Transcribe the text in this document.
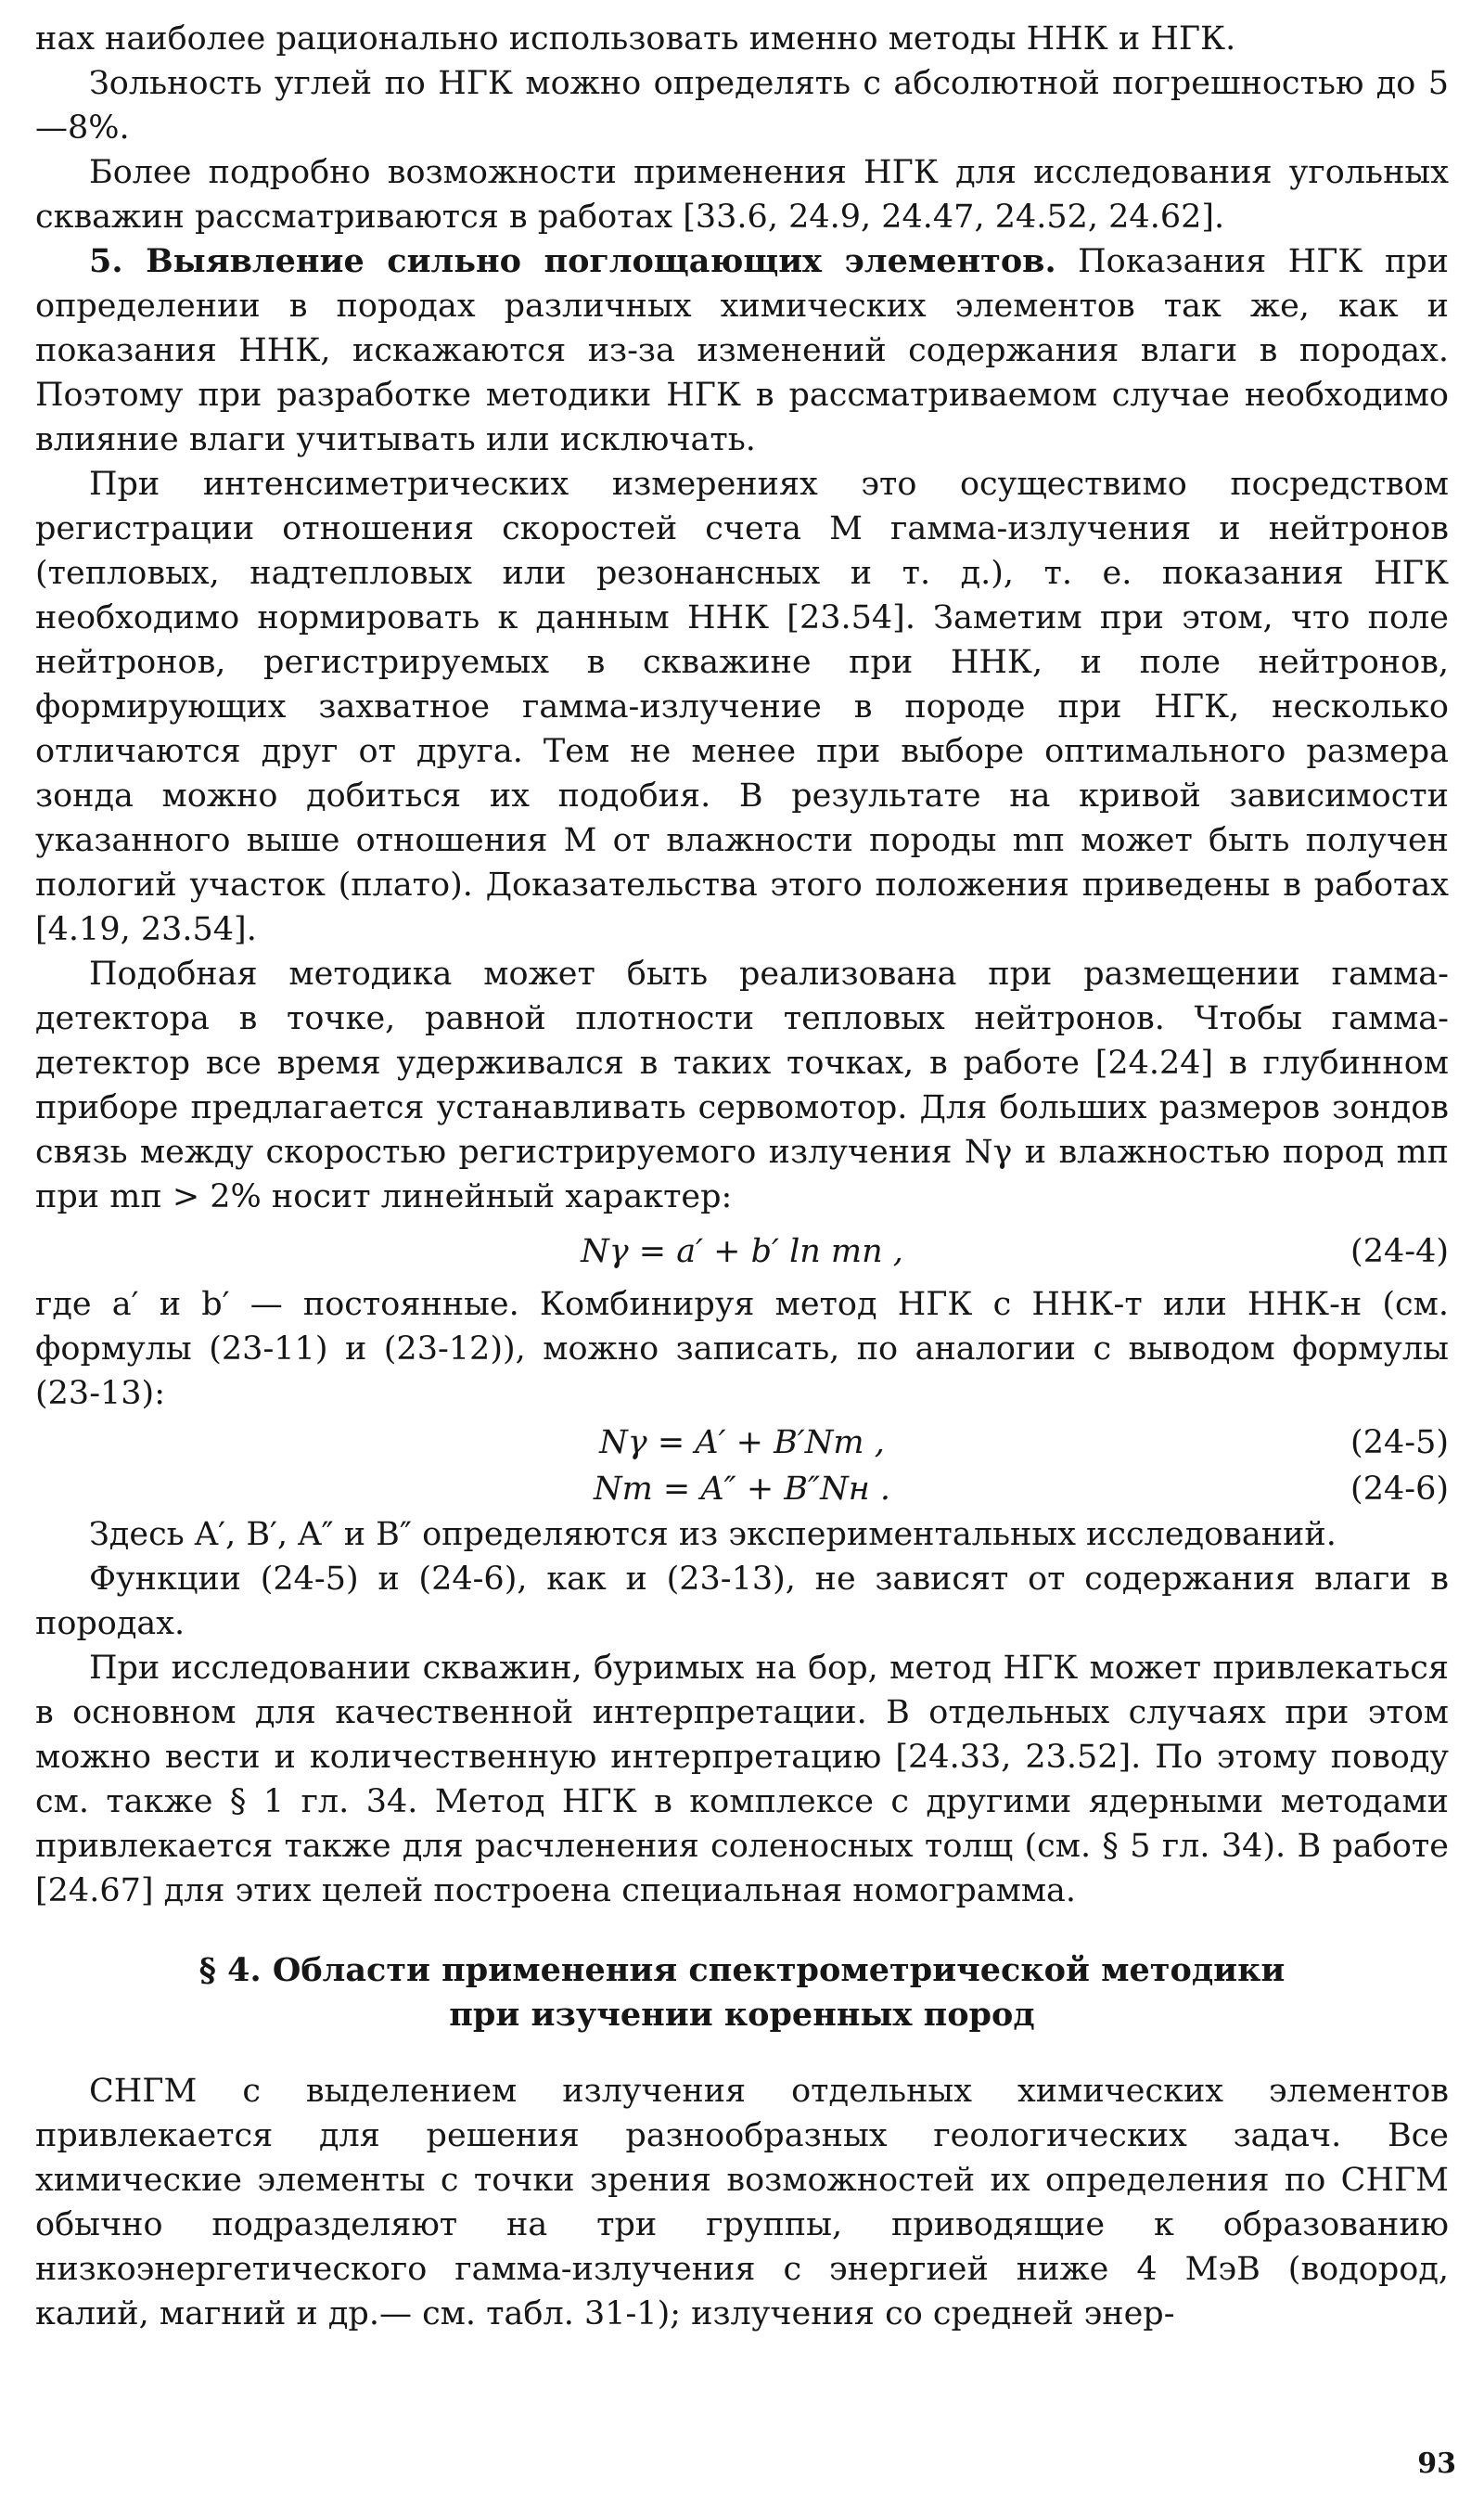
нах наиболее рационально использовать именно методы ННК и НГК.

Зольность углей по НГК можно определять с абсолютной погрешностью до 5—8%.

Более подробно возможности применения НГК для исследования угольных скважин рассматриваются в работах [33.6, 24.9, 24.47, 24.52, 24.62].

5. Выявление сильно поглощающих элементов. Показания НГК при определении в породах различных химических элементов так же, как и показания ННК, искажаются из-за изменений содержания влаги в породах. Поэтому при разработке методики НГК в рассматриваемом случае необходимо влияние влаги учитывать или исключать.

При интенсиметрических измерениях это осуществимо посредством регистрации отношения скоростей счета M гамма-излучения и нейтронов (тепловых, надтепловых или резонансных и т. д.), т. е. показания НГК необходимо нормировать к данным ННК [23.54]. Заметим при этом, что поле нейтронов, регистрируемых в скважине при ННК, и поле нейтронов, формирующих захватное гамма-излучение в породе при НГК, несколько отличаются друг от друга. Тем не менее при выборе оптимального размера зонда можно добиться их подобия. В результате на кривой зависимости указанного выше отношения M от влажности породы mп может быть получен пологий участок (плато). Доказательства этого положения приведены в работах [4.19, 23.54].

Подобная методика может быть реализована при размещении гамма-детектора в точке, равной плотности тепловых нейтронов. Чтобы гамма-детектор все время удерживался в таких точках, в работе [24.24] в глубинном приборе предлагается устанавливать сервомотор. Для больших размеров зондов связь между скоростью регистрируемого излучения Nγ и влажностью пород mп при mп > 2% носит линейный характер:

Nγ = a′ + b′ ln mп ,	(24-4)

где a′ и b′ — постоянные. Комбинируя метод НГК с ННК-т или ННК-н (см. формулы (23-11) и (23-12)), можно записать, по аналогии с выводом формулы (23-13):

Nγ = A′ + B′Nт ,	(24-5)
Nт = A″ + B″Nн .	(24-6)

Здесь A′, B′, A″ и B″ определяются из экспериментальных исследований.

Функции (24-5) и (24-6), как и (23-13), не зависят от содержания влаги в породах.

При исследовании скважин, буримых на бор, метод НГК может привлекаться в основном для качественной интерпретации. В отдельных случаях при этом можно вести и количественную интерпретацию [24.33, 23.52]. По этому поводу см. также § 1 гл. 34. Метод НГК в комплексе с другими ядерными методами привлекается также для расчленения соленосных толщ (см. § 5 гл. 34). В работе [24.67] для этих целей построена специальная номограмма.

§ 4. Области применения спектрометрической методики
при изучении коренных пород

СНГМ с выделением излучения отдельных химических элементов привлекается для решения разнообразных геологических задач. Все химические элементы с точки зрения возможностей их определения по СНГМ обычно подразделяют на три группы, приводящие к образованию низкоэнергетического гамма-излучения с энергией ниже 4 МэВ (водород, калий, магний и др.— см. табл. 31-1); излучения со средней энер-

93
